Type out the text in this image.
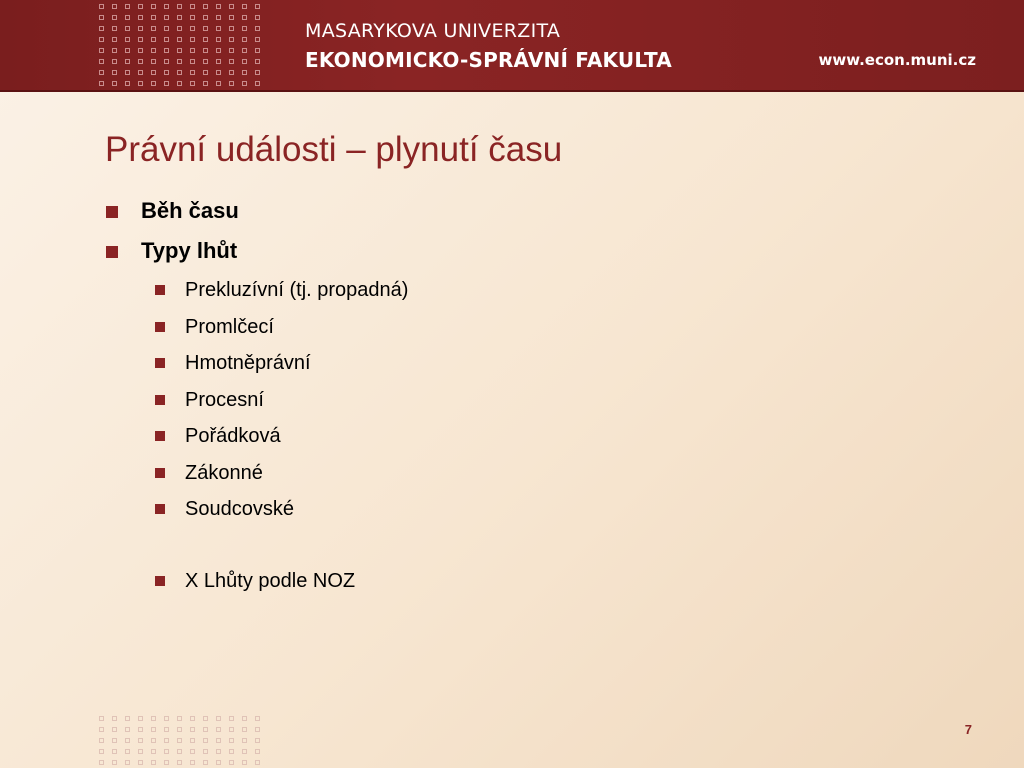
MASARYKOVA UNIVERZITA
EKONOMICKO-SPRÁVNÍ FAKULTA	www.econ.muni.cz
Právní události – plynutí času
Běh času
Typy lhůt
Prekluzívní (tj. propadná)
Promlčecí
Hmotněprávní
Procesní
Pořádková
Zákonné
Soudcovské
X Lhůty podle NOZ
7
